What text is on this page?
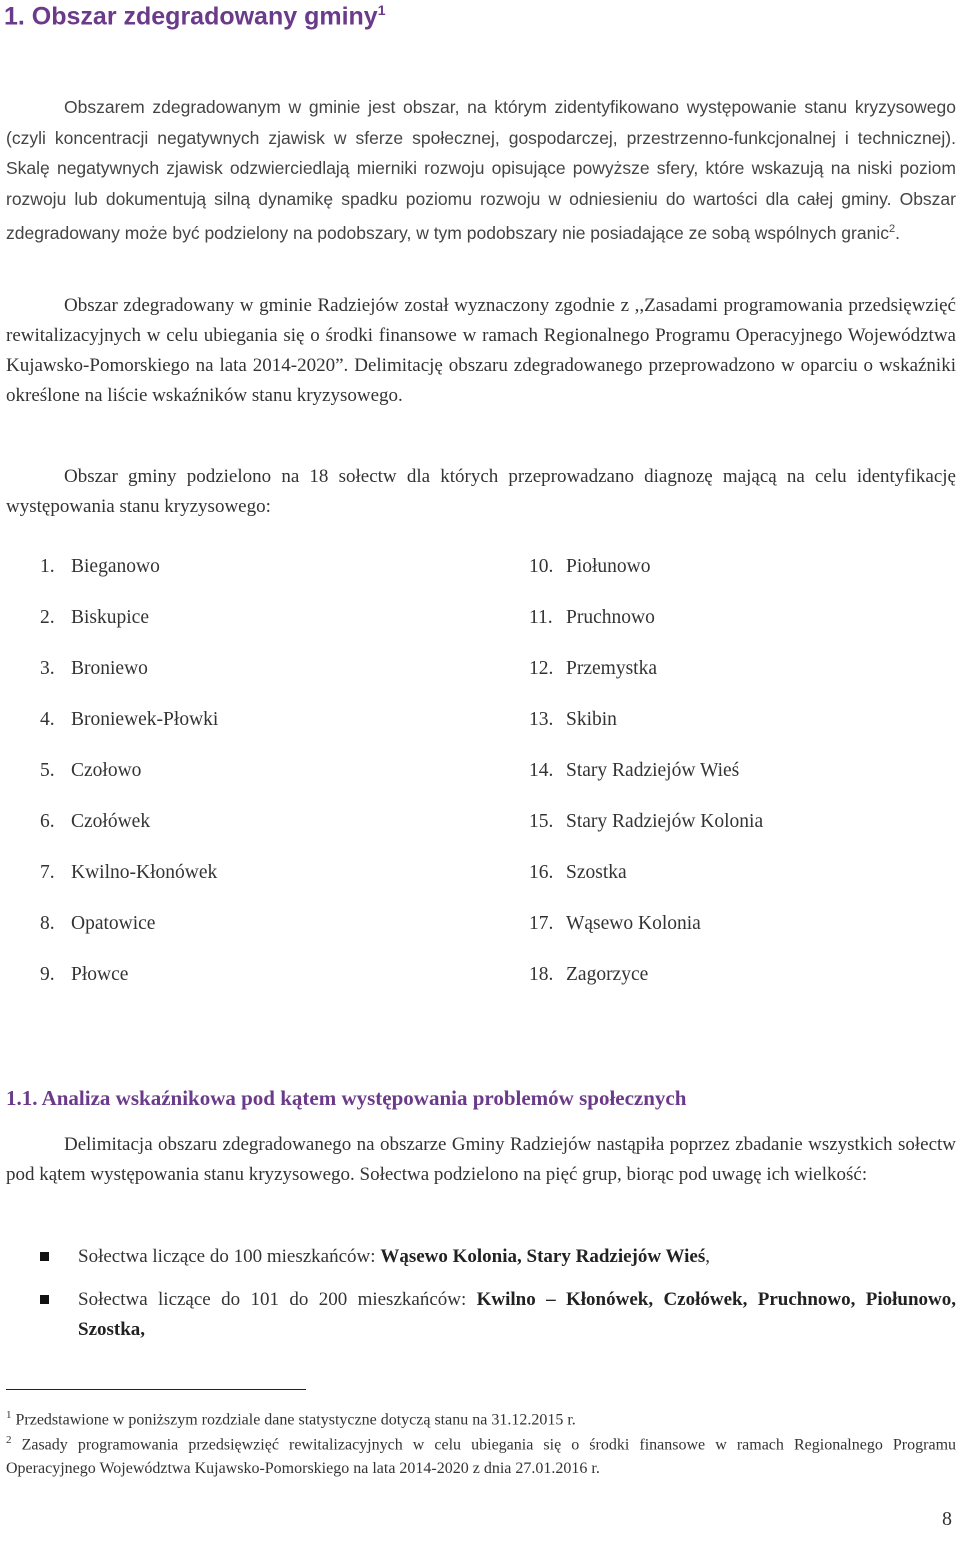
1. Obszar zdegradowany gminy$^1$
Obszarem zdegradowanym w gminie jest obszar, na którym zidentyfikowano występowanie stanu kryzysowego (czyli koncentracji negatywnych zjawisk w sferze społecznej, gospodarczej, przestrzenno-funkcjonalnej i technicznej). Skalę negatywnych zjawisk odzwierciedlają mierniki rozwoju opisujące powyższe sfery, które wskazują na niski poziom rozwoju lub dokumentują silną dynamikę spadku poziomu rozwoju w odniesieniu do wartości dla całej gminy. Obszar zdegradowany może być podzielony na podobszary, w tym podobszary nie posiadające ze sobą wspólnych granic$^2$.
Obszar zdegradowany w gminie Radziejów został wyznaczony zgodnie z ,,Zasadami programowania przedsięwzięć rewitalizacyjnych w celu ubiegania się o środki finansowe w ramach Regionalnego Programu Operacyjnego Województwa Kujawsko-Pomorskiego na lata 2014-2020”. Delimitację obszaru zdegradowanego przeprowadzono w oparciu o wskaźniki określone na liście wskaźników stanu kryzysowego.
Obszar gminy podzielono na 18 sołectw dla których przeprowadzano diagnozę mającą na celu identyfikację występowania stanu kryzysowego:
1. Bieganowo
2. Biskupice
3. Broniewo
4. Broniewek-Płowki
5. Czołowo
6. Czołówek
7. Kwilno-Kłonówek
8. Opatowice
9. Płowce
10. Piołunowo
11. Pruchnowo
12. Przemystka
13. Skibin
14. Stary Radziejów Wieś
15. Stary Radziejów Kolonia
16. Szostka
17. Wąsewo Kolonia
18. Zagorzyce
1.1. Analiza wskaźnikowa pod kątem występowania problemów społecznych
Delimitacja obszaru zdegradowanego na obszarze Gminy Radziejów nastąpiła poprzez zbadanie wszystkich sołectw pod kątem występowania stanu kryzysowego. Sołectwa podzielono na pięć grup, biorąc pod uwagę ich wielkość:
Sołectwa liczące do 100 mieszkańców: Wąsewo Kolonia, Stary Radziejów Wieś,
Sołectwa liczące do 101 do 200 mieszkańców: Kwilno – Kłonówek, Czołówek, Pruchnowo, Piołunowo, Szostka,
$^1$ Przedstawione w poniższym rozdziale dane statystyczne dotyczą stanu na 31.12.2015 r.
$^2$ Zasady programowania przedsięwzięć rewitalizacyjnych w celu ubiegania się o środki finansowe w ramach Regionalnego Programu Operacyjnego Województwa Kujawsko-Pomorskiego na lata 2014-2020 z dnia 27.01.2016 r.
8
